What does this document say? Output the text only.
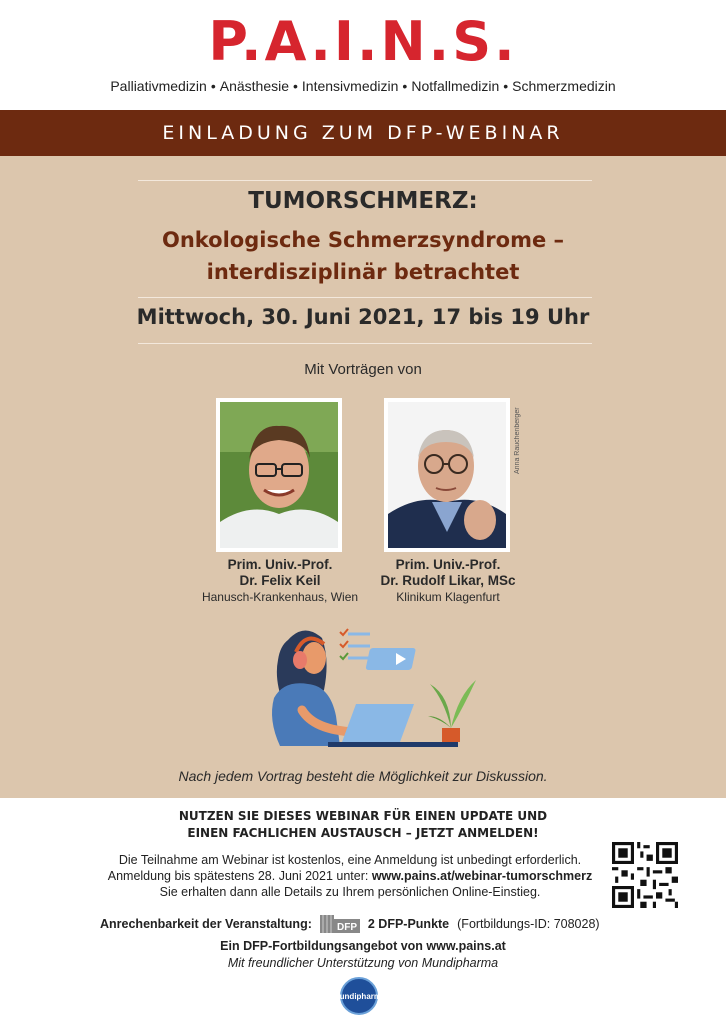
P.A.I.N.S.
Palliativmedizin • Anästhesie • Intensivmedizin • Notfallmedizin • Schmerzmedizin
EINLADUNG ZUM DFP-WEBINAR
TUMORSCHMERZ:
Onkologische Schmerzsyndrome –
interdisziplinär betrachtet
Mittwoch, 30. Juni 2021, 17 bis 19 Uhr
Mit Vorträgen von
Anna Rauchenberger
Prim. Univ.-Prof.
Dr. Felix Keil
Hanusch-Krankenhaus, Wien
Prim. Univ.-Prof.
Dr. Rudolf Likar, MSc
Klinikum Klagenfurt
Nach jedem Vortrag besteht die Möglichkeit zur Diskussion.
NUTZEN SIE DIESES WEBINAR FÜR EINEN UPDATE UND
EINEN FACHLICHEN AUSTAUSCH – JETZT ANMELDEN!
Die Teilnahme am Webinar ist kostenlos, eine Anmeldung ist unbedingt erforderlich.
Anmeldung bis spätestens 28. Juni 2021 unter: www.pains.at/webinar-tumorschmerz
Sie erhalten dann alle Details zu Ihrem persönlichen Online-Einstieg.
Anrechenbarkeit der Veranstaltung:	DFP 2 DFP-Punkte (Fortbildungs-ID: 708028)
Ein DFP-Fortbildungsangebot von www.pains.at
Mit freundlicher Unterstützung von Mundipharma
mundipharma
